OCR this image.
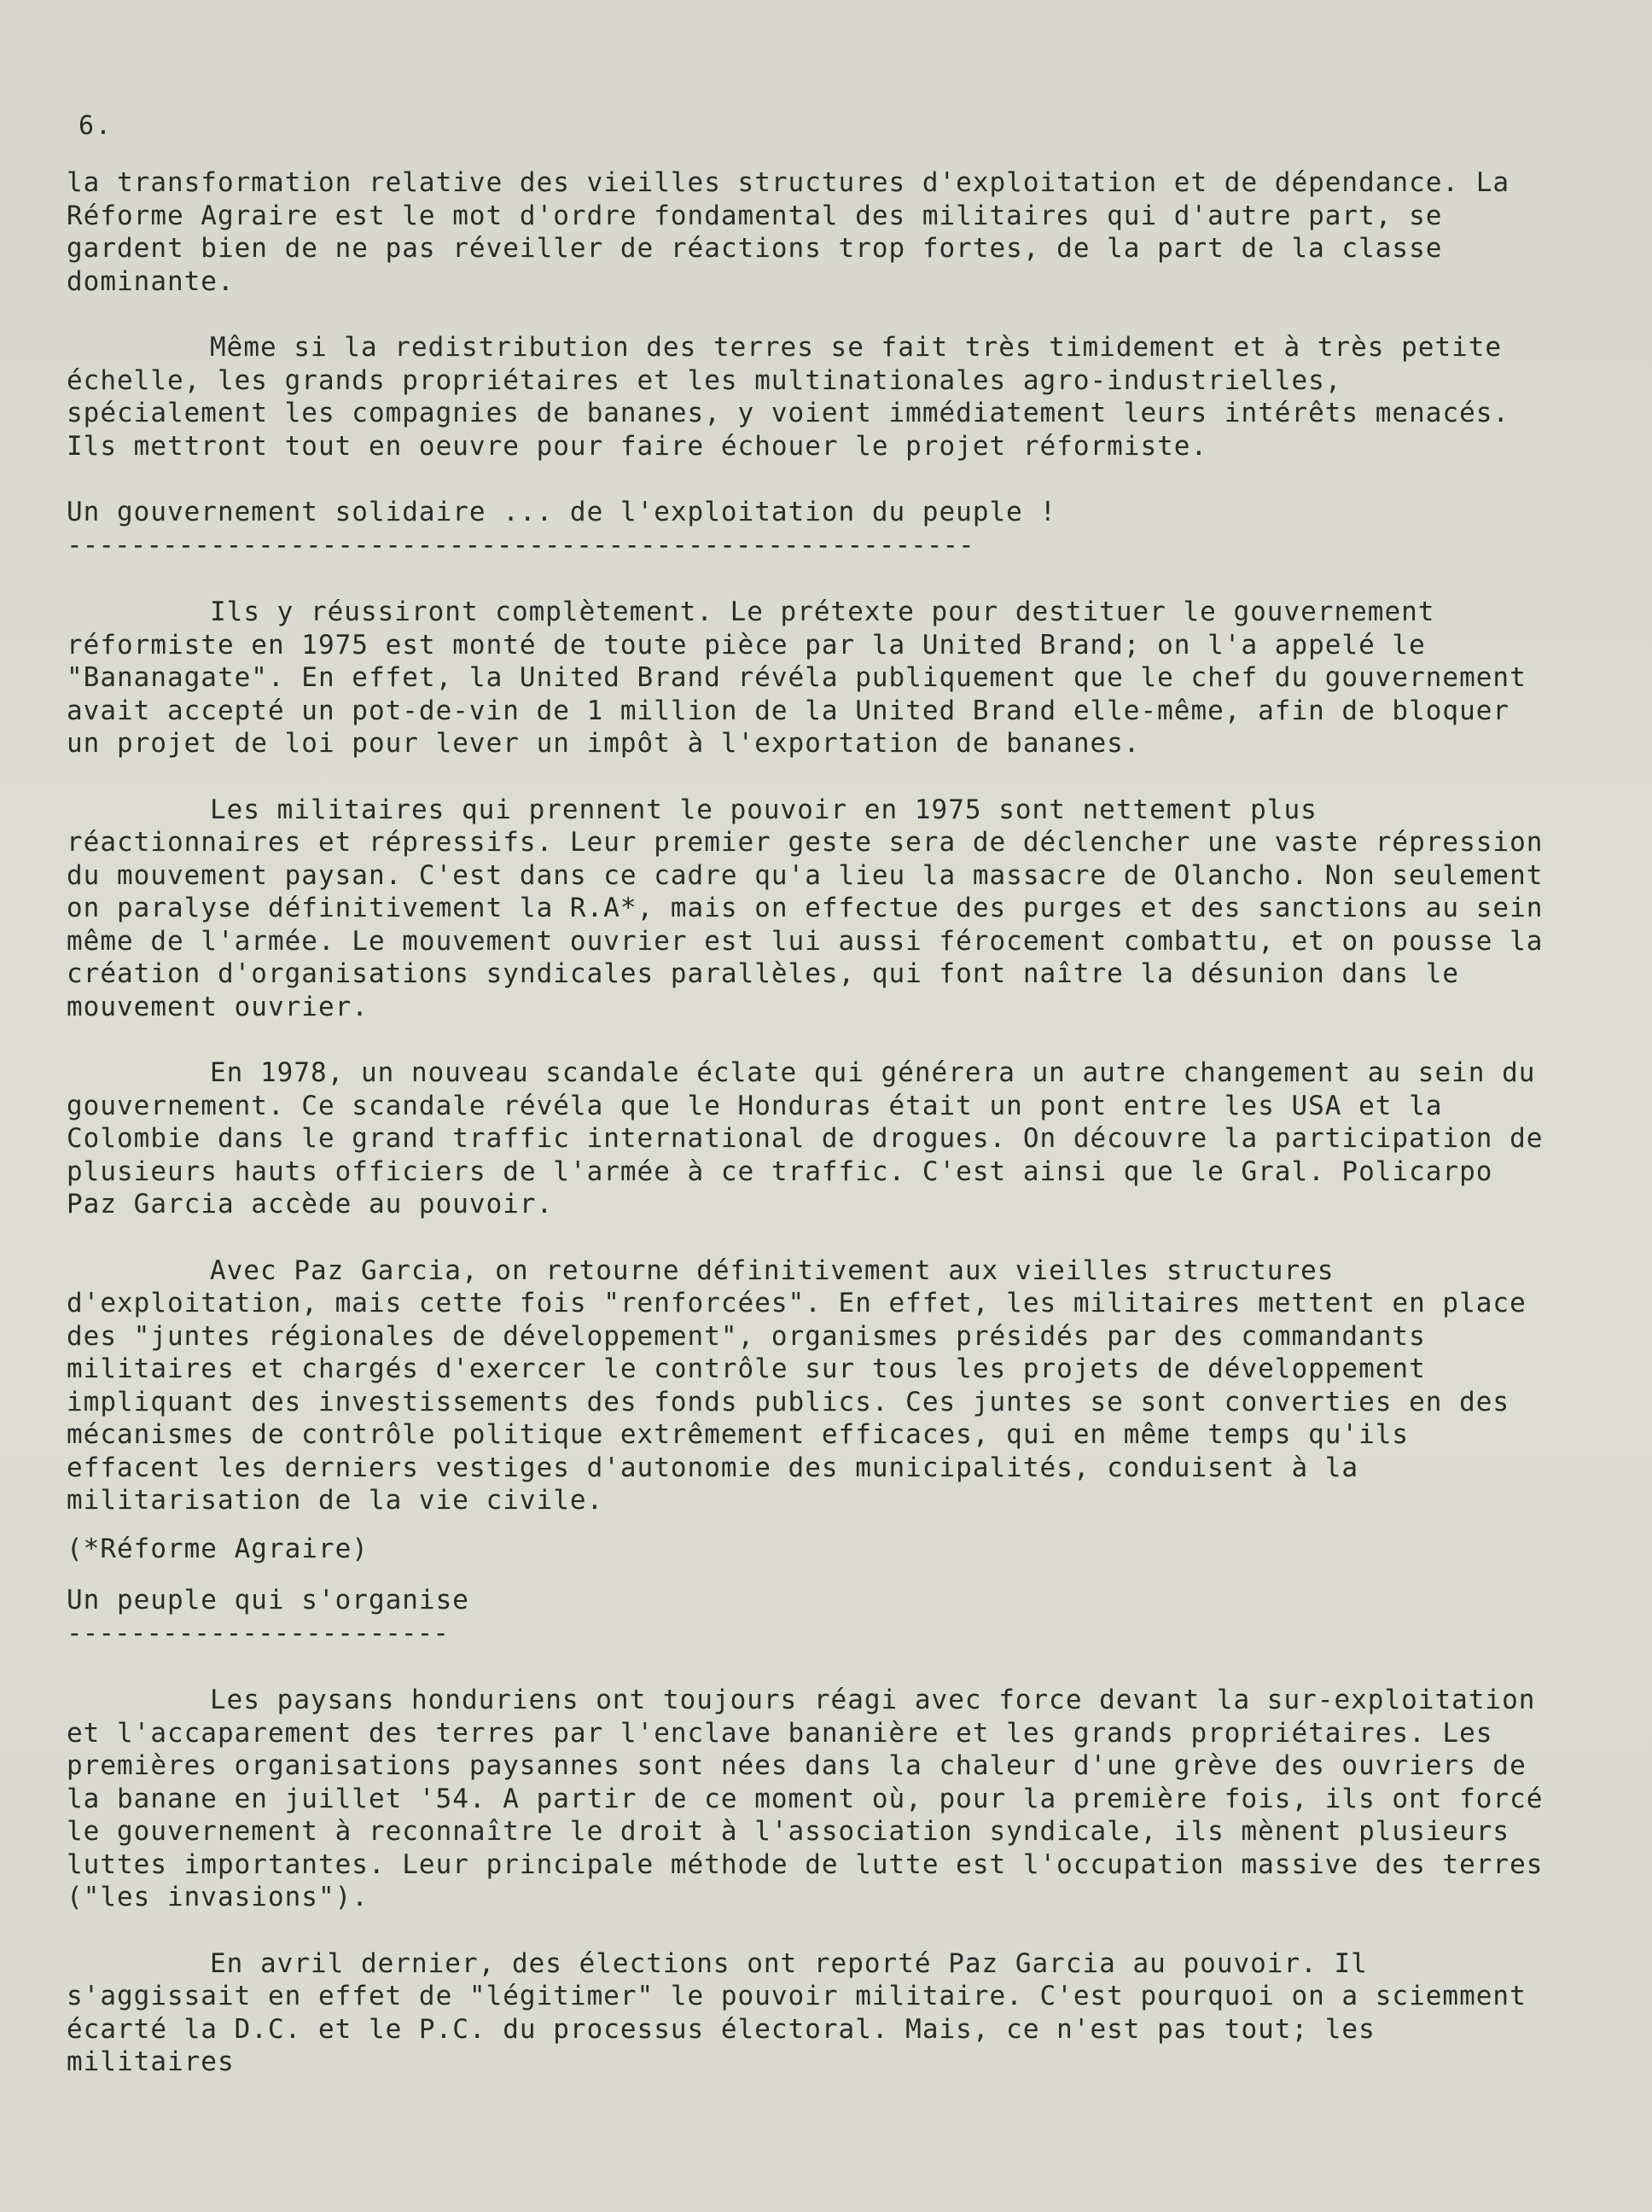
6.

la transformation relative des vieilles structures d'exploitation et de dépendance. La Réforme Agraire est le mot d'ordre fondamental des militaires qui d'autre part, se gardent bien de ne pas réveiller de réactions trop fortes, de la part de la classe dominante.

Même si la redistribution des terres se fait très timidement et à très petite échelle, les grands propriétaires et les multinationales agro-industrielles, spécialement les compagnies de bananes, y voient immédiatement leurs intérêts menacés. Ils mettront tout en oeuvre pour faire échouer le projet réformiste.

Un gouvernement solidaire ... de l'exploitation du peuple !

---------------------------------------------------------

Ils y réussiront complètement. Le prétexte pour destituer le gouvernement réformiste en 1975 est monté de toute pièce par la United Brand; on l'a appelé le "Bananagate". En effet, la United Brand révéla publiquement que le chef du gouvernement avait accepté un pot-de-vin de 1 million de la United Brand elle-même, afin de bloquer un projet de loi pour lever un impôt à l'exportation de bananes.

Les militaires qui prennent le pouvoir en 1975 sont nettement plus réactionnaires et répressifs. Leur premier geste sera de déclencher une vaste répression du mouvement paysan. C'est dans ce cadre qu'a lieu la massacre de Olancho. Non seulement on paralyse définitivement la R.A*, mais on effectue des purges et des sanctions au sein même de l'armée. Le mouvement ouvrier est lui aussi férocement combattu, et on pousse la création d'organisations syndicales parallèles, qui font naître la désunion dans le mouvement ouvrier.

En 1978, un nouveau scandale éclate qui générera un autre changement au sein du gouvernement. Ce scandale révéla que le Honduras était un pont entre les USA et la Colombie dans le grand traffic international de drogues. On découvre la participation de plusieurs hauts officiers de l'armée à ce traffic. C'est ainsi que le Gral. Policarpo Paz Garcia accède au pouvoir.

Avec Paz Garcia, on retourne définitivement aux vieilles structures d'exploitation, mais cette fois "renforcées". En effet, les militaires mettent en place des "juntes régionales de développement", organismes présidés par des commandants militaires et chargés d'exercer le contrôle sur tous les projets de développement impliquant des investissements des fonds publics. Ces juntes se sont converties en des mécanismes de contrôle politique extrêmement efficaces, qui en même temps qu'ils effacent les derniers vestiges d'autonomie des municipalités, conduisent à la militarisation de la vie civile.

(*Réforme Agraire)

Un peuple qui s'organise

------------------------

Les paysans honduriens ont toujours réagi avec force devant la sur-exploitation et l'accaparement des terres par l'enclave bananière et les grands propriétaires. Les premières organisations paysannes sont nées dans la chaleur d'une grève des ouvriers de la banane en juillet '54. A partir de ce moment où, pour la première fois, ils ont forcé le gouvernement à reconnaître le droit à l'association syndicale, ils mènent plusieurs luttes importantes. Leur principale méthode de lutte est l'occupation massive des terres ("les invasions").

En avril dernier, des élections ont reporté Paz Garcia au pouvoir. Il s'aggissait en effet de "légitimer" le pouvoir militaire. C'est pourquoi on a sciemment écarté la D.C. et le P.C. du processus électoral. Mais, ce n'est pas tout; les militaires
